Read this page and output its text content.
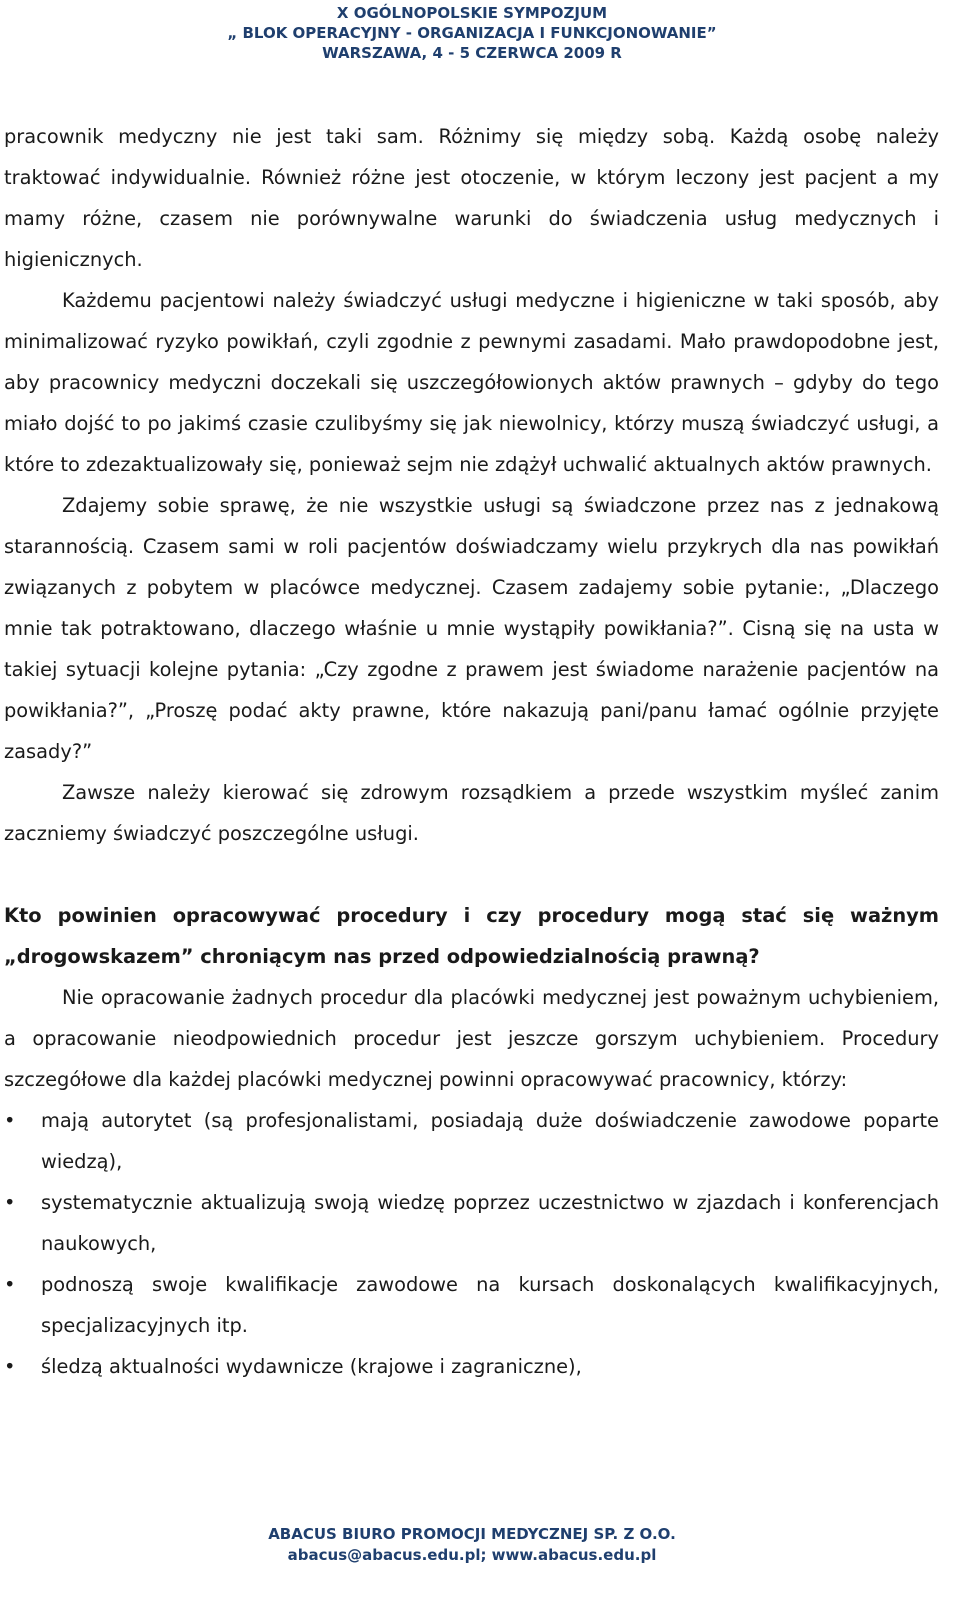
X OGÓLNOPOLSKIE SYMPOZJUM
„ BLOK OPERACYJNY - ORGANIZACJA I FUNKCJONOWANIE”
WARSZAWA, 4 - 5 CZERWCA 2009 R

pracownik medyczny nie jest taki sam. Różnimy się między sobą. Każdą osobę należy traktować indywidualnie. Również różne jest otoczenie, w którym leczony jest pacjent a my mamy różne, czasem nie porównywalne warunki do świadczenia usług medycznych i higienicznych.

Każdemu pacjentowi należy świadczyć usługi medyczne i higieniczne w taki sposób, aby minimalizować ryzyko powikłań, czyli zgodnie z pewnymi zasadami. Mało prawdopodobne jest, aby pracownicy medyczni doczekali się uszczegółowionych aktów prawnych – gdyby do tego miało dojść to po jakimś czasie czulibyśmy się jak niewolnicy, którzy muszą świadczyć usługi, a które to zdezaktualizowały się, ponieważ sejm nie zdążył uchwalić aktualnych aktów prawnych.

Zdajemy sobie sprawę, że nie wszystkie usługi są świadczone przez nas z jednakową starannością. Czasem sami w roli pacjentów doświadczamy wielu przykrych dla nas powikłań związanych z pobytem w placówce medycznej. Czasem zadajemy sobie pytanie:, „Dlaczego mnie tak potraktowano, dlaczego właśnie u mnie wystąpiły powikłania?”. Cisną się na usta w takiej sytuacji kolejne pytania: „Czy zgodne z prawem jest świadome narażenie pacjentów na powikłania?”, „Proszę podać akty prawne, które nakazują pani/panu łamać ogólnie przyjęte zasady?”

Zawsze należy kierować się zdrowym rozsądkiem a przede wszystkim myśleć zanim zaczniemy świadczyć poszczególne usługi.

Kto powinien opracowywać procedury i czy procedury mogą stać się ważnym „drogowskazem” chroniącym nas przed odpowiedzialnością prawną?

Nie opracowanie żadnych procedur dla placówki medycznej jest poważnym uchybieniem, a opracowanie nieodpowiednich procedur jest jeszcze gorszym uchybieniem. Procedury szczegółowe dla każdej placówki medycznej powinni opracowywać pracownicy, którzy:

•	mają autorytet (są profesjonalistami, posiadają duże doświadczenie zawodowe poparte wiedzą),
•	systematycznie aktualizują swoją wiedzę poprzez uczestnictwo w zjazdach i konferencjach naukowych,
•	podnoszą swoje kwalifikacje zawodowe na kursach doskonalących kwalifikacyjnych, specjalizacyjnych itp.
•	śledzą aktualności wydawnicze (krajowe i zagraniczne),
ABACUS BIURO PROMOCJI MEDYCZNEJ SP. Z O.O.
abacus@abacus.edu.pl; www.abacus.edu.pl
